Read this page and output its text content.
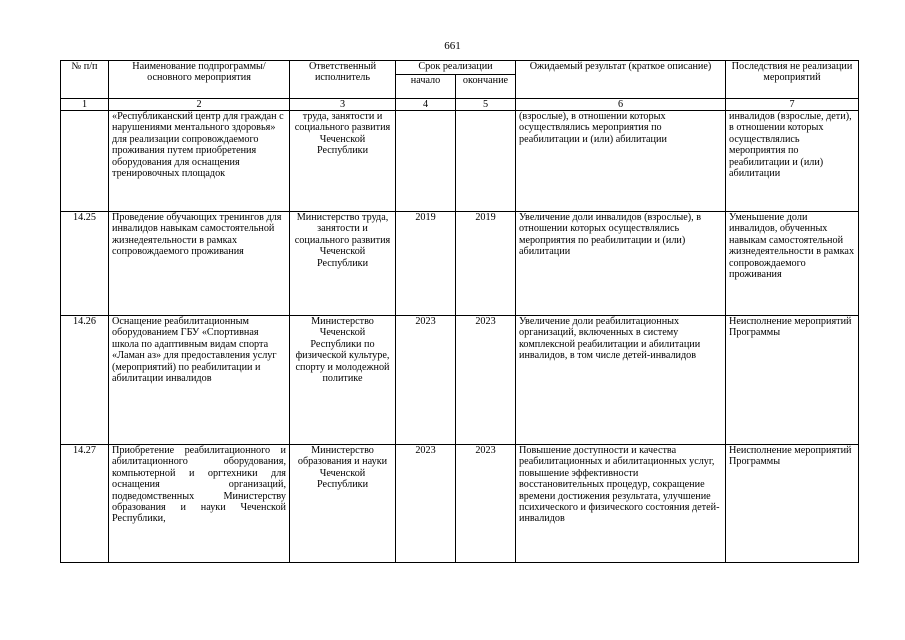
661
№ п/п	Наименование подпрограммы/ основного мероприятия	Ответственный исполнитель	Срок реализации		Ожидаемый результат (краткое описание)	Последствия не реализации мероприятий
			начало	окончание		
1	2	3	4	5	6	7
	«Республиканский центр для граждан с нарушениями ментального здоровья» для реализации сопровождаемого проживания путем приобретения оборудования для оснащения тренировочных площадок	труда, занятости и социального развития Чеченской Республики			(взрослые), в отношении которых осуществлялись мероприятия по реабилитации и (или) абилитации	инвалидов (взрослые, дети), в отношении которых осуществлялись мероприятия по реабилитации и (или) абилитации
14.25	Проведение обучающих тренингов для инвалидов навыкам самостоятельной жизнедеятельности в рамках сопровождаемого проживания	Министерство труда, занятости и социального развития Чеченской Республики	2019	2019	Увеличение доли инвалидов (взрослые), в отношении которых осуществлялись мероприятия по реабилитации и (или) абилитации	Уменьшение доли инвалидов, обученных навыкам самостоятельной жизнедеятельности в рамках сопровождаемого проживания
14.26	Оснащение реабилитационным оборудованием ГБУ «Спортивная школа по адаптивным видам спорта «Ламан аз» для предоставления услуг (мероприятий) по реабилитации и абилитации инвалидов	Министерство Чеченской Республики по физической культуре, спорту и молодежной политике	2023	2023	Увеличение доли реабилитационных организаций, включенных в систему комплексной реабилитации и абилитации инвалидов, в том числе детей-инвалидов	Неисполнение мероприятий Программы
14.27	Приобретение реабилитационного и абилитационного оборудования, компьютерной и оргтехники для оснащения организаций, подведомственных Министерству образования и науки Чеченской Республики,	Министерство образования и науки Чеченской Республики	2023	2023	Повышение доступности и качества реабилитационных и абилитационных услуг, повышение эффективности восстановительных процедур, сокращение времени достижения результата, улучшение психического и физического состояния детей-инвалидов	Неисполнение мероприятий Программы
